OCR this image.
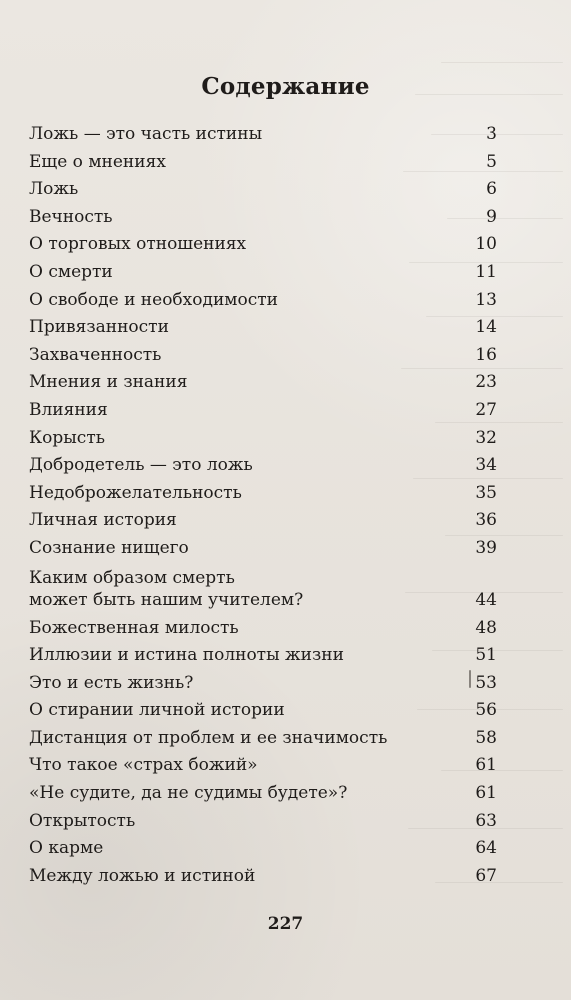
Содержание
Ложь — это часть истины	3
Еще о мнениях	5
Ложь	6
Вечность	9
О торговых отношениях	10
О смерти	11
О свободе и необходимости	13
Привязанности	14
Захваченность	16
Мнения и знания	23
Влияния	27
Корысть	32
Добродетель — это ложь	34
Недоброжелательность	35
Личная история	36
Сознание нищего	39
Каким образом смерть
может быть нашим учителем?	44
Божественная милость	48
Иллюзии и истина полноты жизни	51
Это и есть жизнь?	53
О стирании личной истории	56
Дистанция от проблем и ее значимость	58
Что такое «страх божий»	61
«Не судите, да не судимы будете»?	61
Открытость	63
О карме	64
Между ложью и истиной	67
227
